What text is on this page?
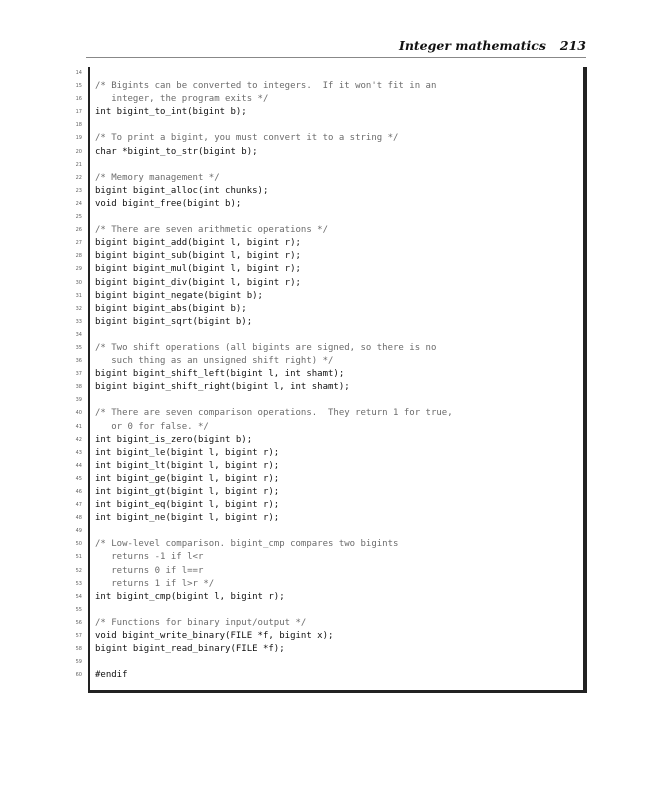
Integer mathematics 213
14
15 /* Bigints can be converted to integers.  If it won't fit in an
16 integer, the program exits */
17 int bigint_to_int(bigint b);
18
19 /* To print a bigint, you must convert it to a string */
20 char *bigint_to_str(bigint b);
21
22 /* Memory management */
23 bigint bigint_alloc(int chunks);
24 void bigint_free(bigint b);
25
26 /* There are seven arithmetic operations */
27 bigint bigint_add(bigint l, bigint r);
28 bigint bigint_sub(bigint l, bigint r);
29 bigint bigint_mul(bigint l, bigint r);
30 bigint bigint_div(bigint l, bigint r);
31 bigint bigint_negate(bigint b);
32 bigint bigint_abs(bigint b);
33 bigint bigint_sqrt(bigint b);
34
35 /* Two shift operations (all bigints are signed, so there is no
36 such thing as an unsigned shift right) */
37 bigint bigint_shift_left(bigint l, int shamt);
38 bigint bigint_shift_right(bigint l, int shamt);
39
40 /* There are seven comparison operations.  They return 1 for true,
41 or 0 for false. */
42 int bigint_is_zero(bigint b);
43 int bigint_le(bigint l, bigint r);
44 int bigint_lt(bigint l, bigint r);
45 int bigint_ge(bigint l, bigint r);
46 int bigint_gt(bigint l, bigint r);
47 int bigint_eq(bigint l, bigint r);
48 int bigint_ne(bigint l, bigint r);
49
50 /* Low-level comparison. bigint_cmp compares two bigints
51 returns -1 if l<r
52 returns 0 if l==r
53 returns 1 if l>r */
54 int bigint_cmp(bigint l, bigint r);
55
56 /* Functions for binary input/output */
57 void bigint_write_binary(FILE *f, bigint x);
58 bigint bigint_read_binary(FILE *f);
59
60 #endif
